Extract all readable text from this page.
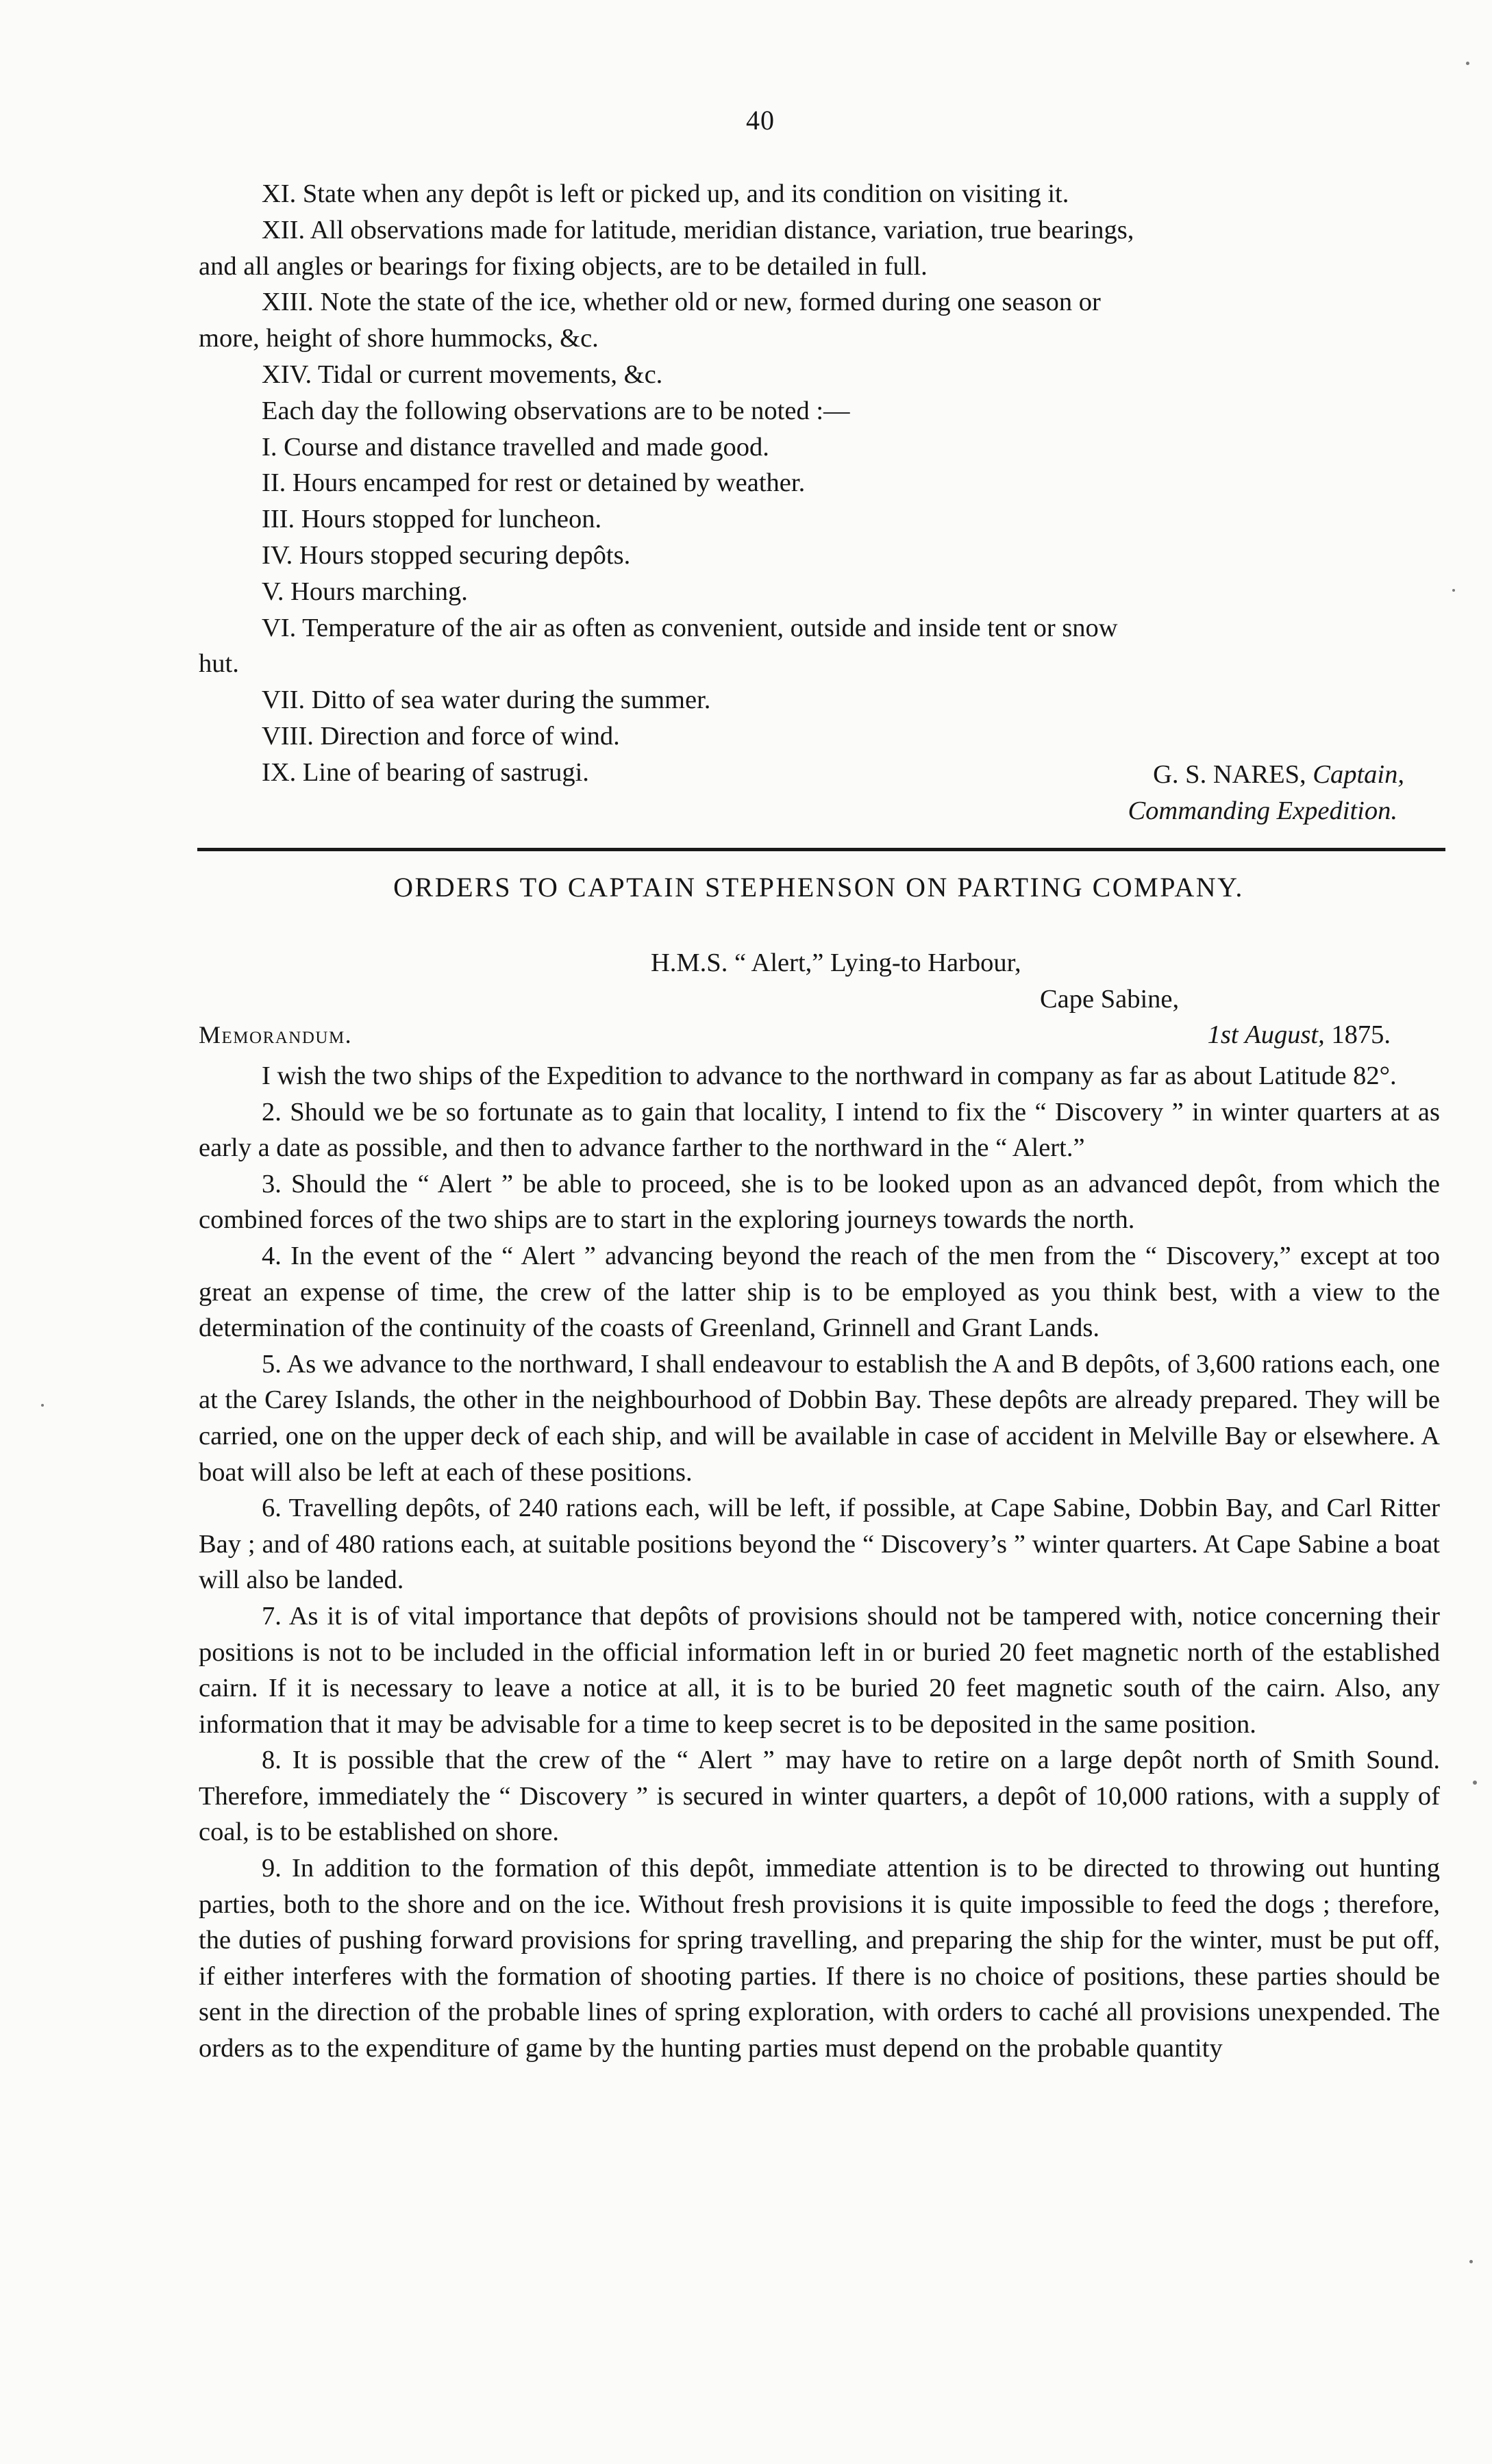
40
XI. State when any depôt is left or picked up, and its condition on visiting it.
XII. All observations made for latitude, meridian distance, variation, true bearings,
and all angles or bearings for fixing objects, are to be detailed in full.
XIII. Note the state of the ice, whether old or new, formed during one season or
more, height of shore hummocks, &c.
XIV. Tidal or current movements, &c.
Each day the following observations are to be noted :—
I. Course and distance travelled and made good.
II. Hours encamped for rest or detained by weather.
III. Hours stopped for luncheon.
IV. Hours stopped securing depôts.
V. Hours marching.
VI. Temperature of the air as often as convenient, outside and inside tent or snow
hut.
VII. Ditto of sea water during the summer.
VIII. Direction and force of wind.
IX. Line of bearing of sastrugi.	G. S. NARES, Captain,
Commanding Expedition.
ORDERS TO CAPTAIN STEPHENSON ON PARTING COMPANY.
H.M.S. “ Alert,” Lying-to Harbour,
Cape Sabine,
Memorandum.	1st August, 1875.
I wish the two ships of the Expedition to advance to the northward in company as far as about Latitude 82°.
2. Should we be so fortunate as to gain that locality, I intend to fix the “ Discovery ” in winter quarters at as early a date as possible, and then to advance farther to the northward in the “ Alert.”
3. Should the “ Alert ” be able to proceed, she is to be looked upon as an advanced depôt, from which the combined forces of the two ships are to start in the exploring journeys towards the north.
4. In the event of the “ Alert ” advancing beyond the reach of the men from the “ Discovery,” except at too great an expense of time, the crew of the latter ship is to be employed as you think best, with a view to the determination of the continuity of the coasts of Greenland, Grinnell and Grant Lands.
5. As we advance to the northward, I shall endeavour to establish the A and B depôts, of 3,600 rations each, one at the Carey Islands, the other in the neighbourhood of Dobbin Bay. These depôts are already prepared. They will be carried, one on the upper deck of each ship, and will be available in case of accident in Melville Bay or elsewhere. A boat will also be left at each of these positions.
6. Travelling depôts, of 240 rations each, will be left, if possible, at Cape Sabine, Dobbin Bay, and Carl Ritter Bay ; and of 480 rations each, at suitable positions beyond the “ Discovery’s ” winter quarters. At Cape Sabine a boat will also be landed.
7. As it is of vital importance that depôts of provisions should not be tampered with, notice concerning their positions is not to be included in the official information left in or buried 20 feet magnetic north of the established cairn. If it is necessary to leave a notice at all, it is to be buried 20 feet magnetic south of the cairn. Also, any information that it may be advisable for a time to keep secret is to be deposited in the same position.
8. It is possible that the crew of the “ Alert ” may have to retire on a large depôt north of Smith Sound. Therefore, immediately the “ Discovery ” is secured in winter quarters, a depôt of 10,000 rations, with a supply of coal, is to be established on shore.
9. In addition to the formation of this depôt, immediate attention is to be directed to throwing out hunting parties, both to the shore and on the ice. Without fresh provisions it is quite impossible to feed the dogs ; therefore, the duties of pushing forward provisions for spring travelling, and preparing the ship for the winter, must be put off, if either interferes with the formation of shooting parties. If there is no choice of positions, these parties should be sent in the direction of the probable lines of spring exploration, with orders to caché all provisions unexpended. The orders as to the expenditure of game by the hunting parties must depend on the probable quantity
